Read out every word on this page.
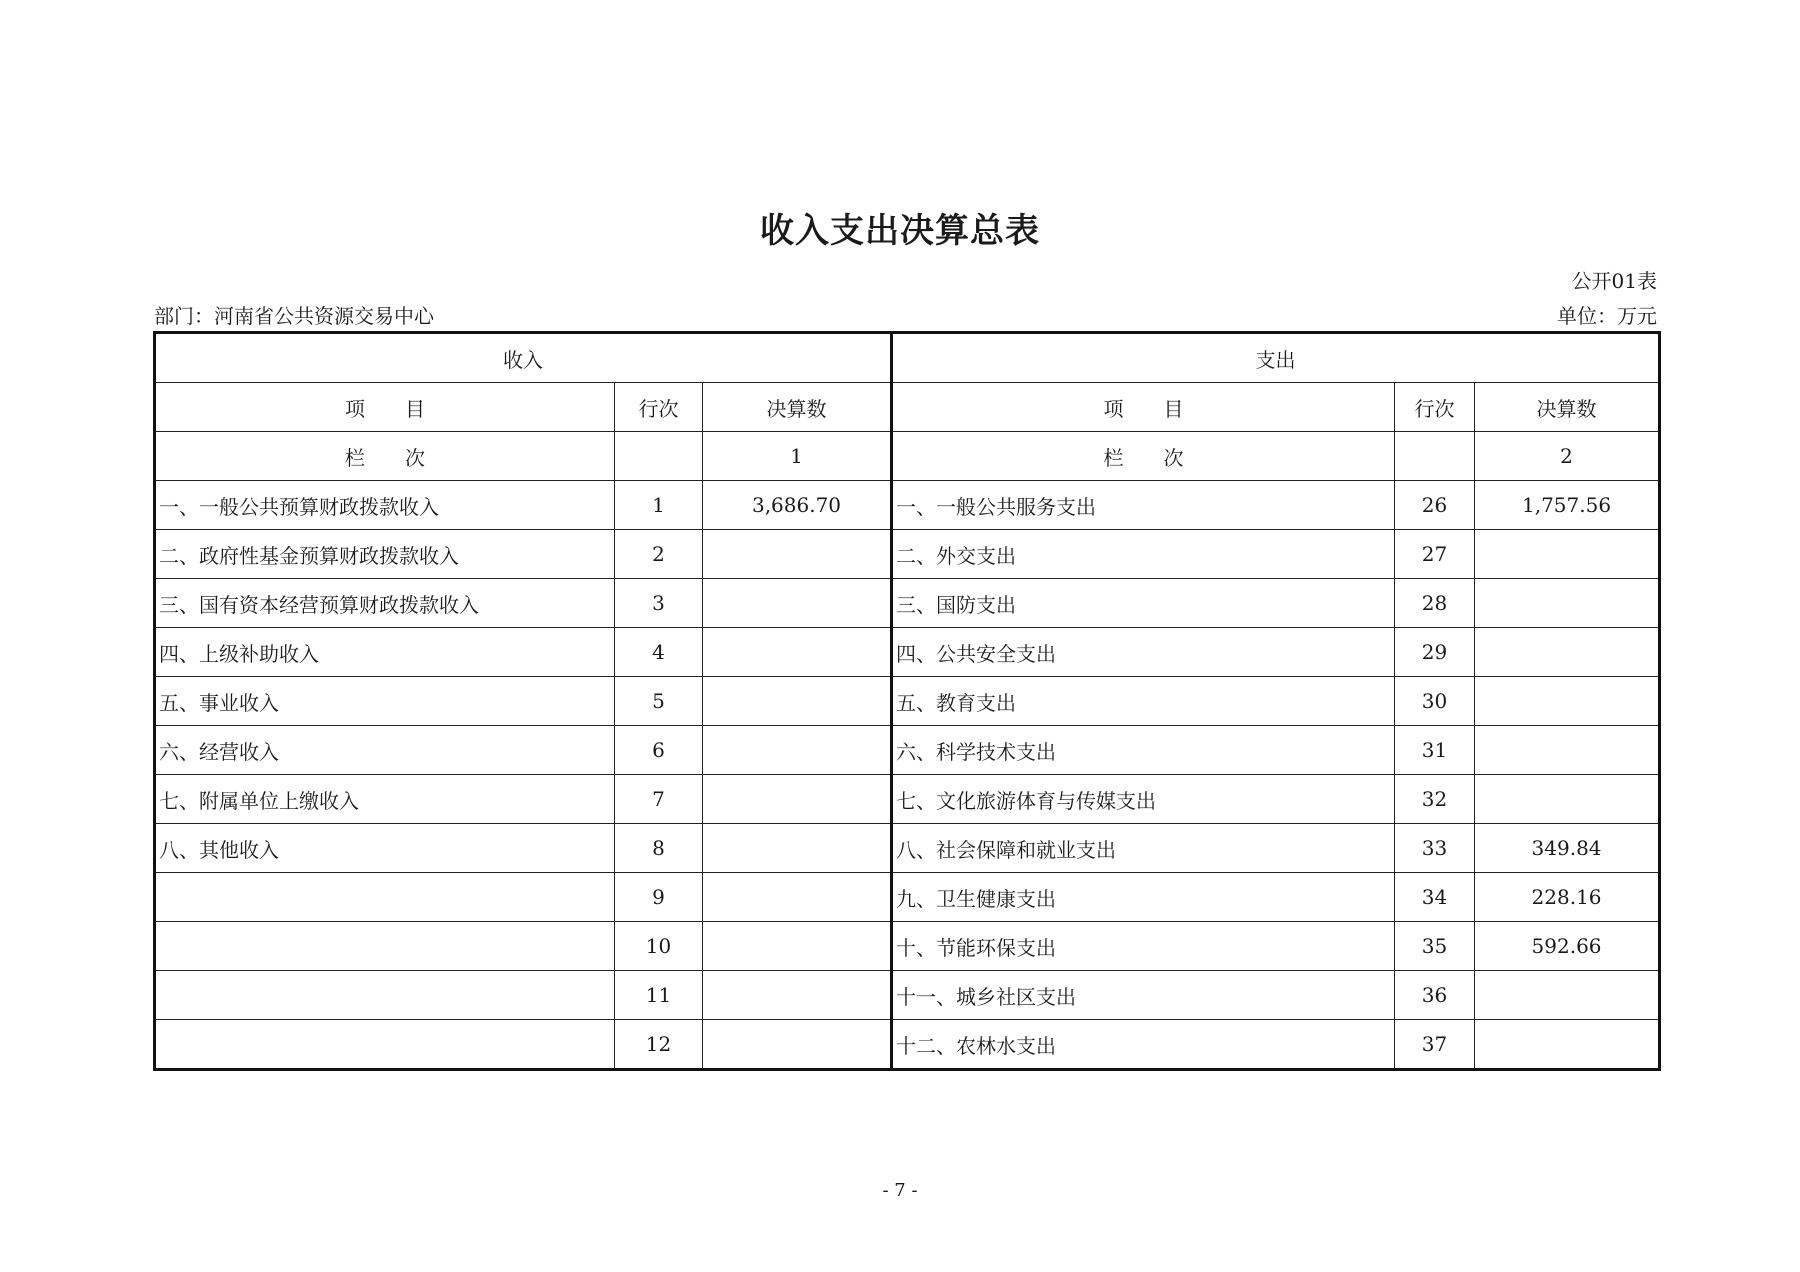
收入支出决算总表
公开01表
部门：河南省公共资源交易中心	单位：万元
收入			支出		
项　　目	行次	决算数	项　　目	行次	决算数
栏　　次		1	栏　　次		2
一、一般公共预算财政拨款收入	1	3,686.70	一、一般公共服务支出	26	1,757.56
二、政府性基金预算财政拨款收入	2		二、外交支出	27	
三、国有资本经营预算财政拨款收入	3		三、国防支出	28	
四、上级补助收入	4		四、公共安全支出	29	
五、事业收入	5		五、教育支出	30	
六、经营收入	6		六、科学技术支出	31	
七、附属单位上缴收入	7		七、文化旅游体育与传媒支出	32	
八、其他收入	8		八、社会保障和就业支出	33	349.84
	9		九、卫生健康支出	34	228.16
	10		十、节能环保支出	35	592.66
	11		十一、城乡社区支出	36	
	12		十二、农林水支出	37	
- 7 -
